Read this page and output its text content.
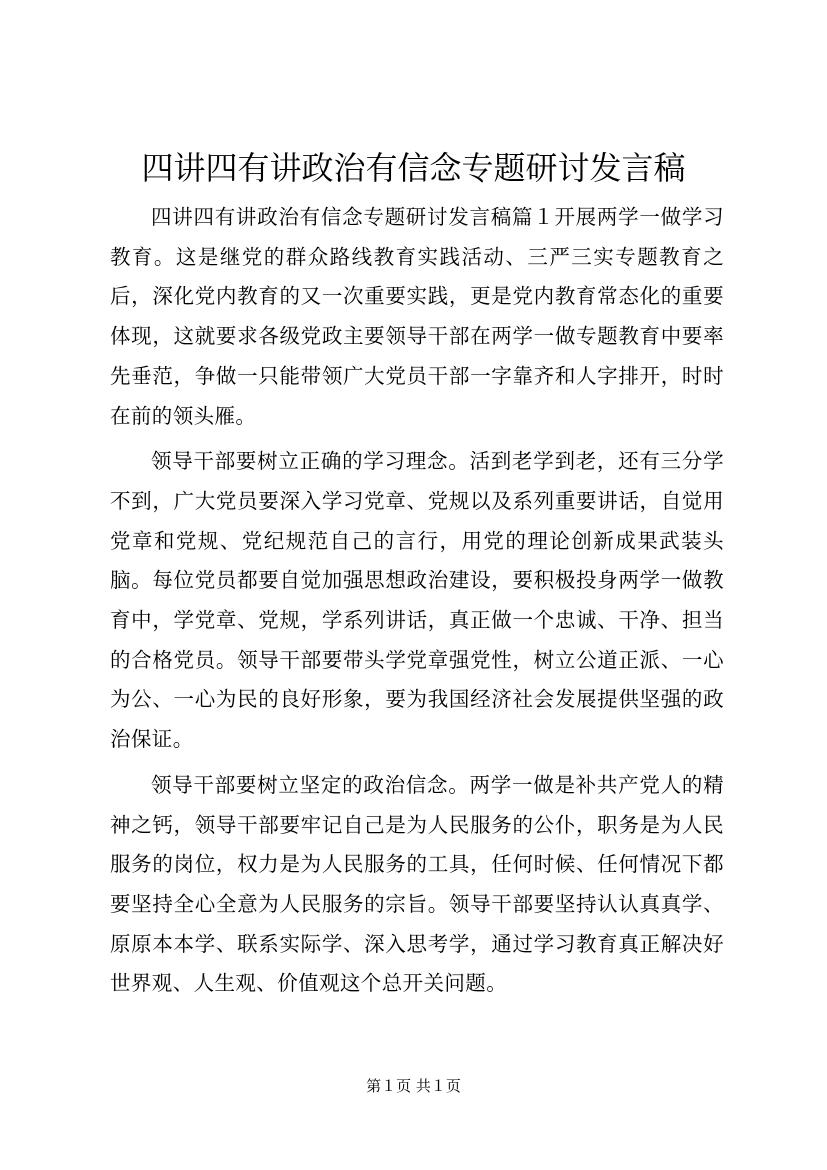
四讲四有讲政治有信念专题研讨发言稿

四讲四有讲政治有信念专题研讨发言稿篇１开展两学一做学习教育。这是继党的群众路线教育实践活动、三严三实专题教育之后，深化党内教育的又一次重要实践，更是党内教育常态化的重要体现，这就要求各级党政主要领导干部在两学一做专题教育中要率先垂范，争做一只能带领广大党员干部一字靠齐和人字排开，时时在前的领头雁。

领导干部要树立正确的学习理念。活到老学到老，还有三分学不到，广大党员要深入学习党章、党规以及系列重要讲话，自觉用党章和党规、党纪规范自己的言行，用党的理论创新成果武装头脑。每位党员都要自觉加强思想政治建设，要积极投身两学一做教育中，学党章、党规，学系列讲话，真正做一个忠诚、干净、担当的合格党员。领导干部要带头学党章强党性，树立公道正派、一心为公、一心为民的良好形象，要为我国经济社会发展提供坚强的政治保证。

领导干部要树立坚定的政治信念。两学一做是补共产党人的精神之钙，领导干部要牢记自己是为人民服务的公仆，职务是为人民服务的岗位，权力是为人民服务的工具，任何时候、任何情况下都要坚持全心全意为人民服务的宗旨。领导干部要坚持认认真真学、原原本本学、联系实际学、深入思考学，通过学习教育真正解决好世界观、人生观、价值观这个总开关问题。

第１页 共１页
